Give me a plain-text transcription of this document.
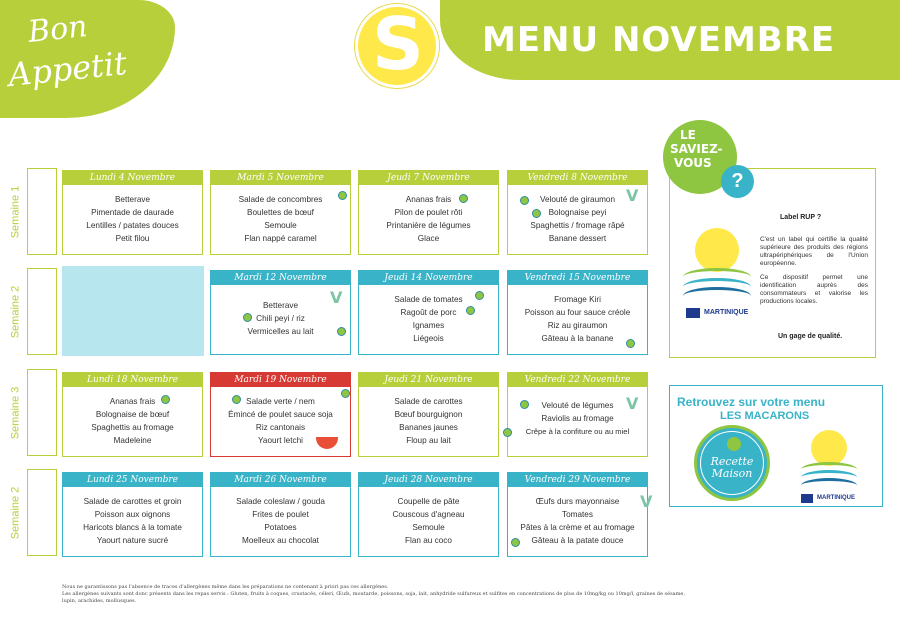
Bon
Appetit	S MENU NOVEMBRE
Semaine 1
Semaine 2
Semaine 3
Semaine 2
Lundi 4 Novembre
Betterave
Pimentade de daurade
Lentilles / patates douces
Petit filou
Mardi 5 Novembre
Salade de concombres
Boulettes de bœuf
Semoule
Flan nappé caramel
Jeudi 7 Novembre
Ananas frais
Pilon de poulet rôti
Printanière de légumes
Glace
Vendredi 8 Novembre
Velouté de giraumon
Bolognaise peyi
Spaghettis / fromage râpé
Banane dessert
V
Mardi 12 Novembre
Betterave
Chili peyi / riz
Vermicelles au lait
Jeudi 14 Novembre
Salade de tomates
Ragoût de porc
Ignames
Liégeois
Vendredi 15 Novembre
Fromage Kiri
Poisson au four sauce créole
Riz au giraumon
Gâteau à la banane
V
Lundi 18 Novembre
Ananas frais
Bolognaise de bœuf
Spaghettis au fromage
Madeleine
Mardi 19 Novembre
Salade verte / nem
Émincé de poulet sauce soja
Riz cantonais
Yaourt letchi
Jeudi 21 Novembre
Salade de carottes
Bœuf bourguignon
Bananes jaunes
Floup au lait
Vendredi 22 Novembre
Velouté de légumes
Raviolis au fromage
Crêpe à la confiture ou au miel
V
Lundi 25 Novembre
Salade de carottes et groin
Poisson aux oignons
Haricots blancs à la tomate
Yaourt nature sucré
Mardi 26 Novembre
Salade coleslaw / gouda
Frites de poulet
Potatoes
Moelleux au chocolat
Jeudi 28 Novembre
Coupelle de pâte
Couscous d'agneau
Semoule
Flan au coco
Vendredi 29 Novembre
Œufs durs mayonnaise
Tomates
Pâtes à la crème et au fromage
Gâteau à la patate douce
V
LE
SAVIEZ-
VOUS
?
Label RUP ?
C'est un label qui certifie la qualité supérieure des produits des régions ultrapériphériques de l'Union européenne.
Ce dispositif permet une identification auprès des consommateurs et valorise les productions locales.
Un gage de qualité.
MARTINIQUE
Retrouvez sur votre menu
LES MACARONS
Recette
Maison
MARTINIQUE
Nous ne garantissons pas l'absence de traces d'allergènes même dans les préparations ne contenant à priori pas ces allergènes.
Les allergènes suivants sont donc présents dans les repas servis : Gluten, fruits à coques, crustacés, céleri, Œufs, moutarde, poissons, soja, lait, anhydride sulfureux et sulfites en concentrations de plus de 10mg/kg ou 10mg/l, graines de sésame,
lupin, arachides, mollusques.
